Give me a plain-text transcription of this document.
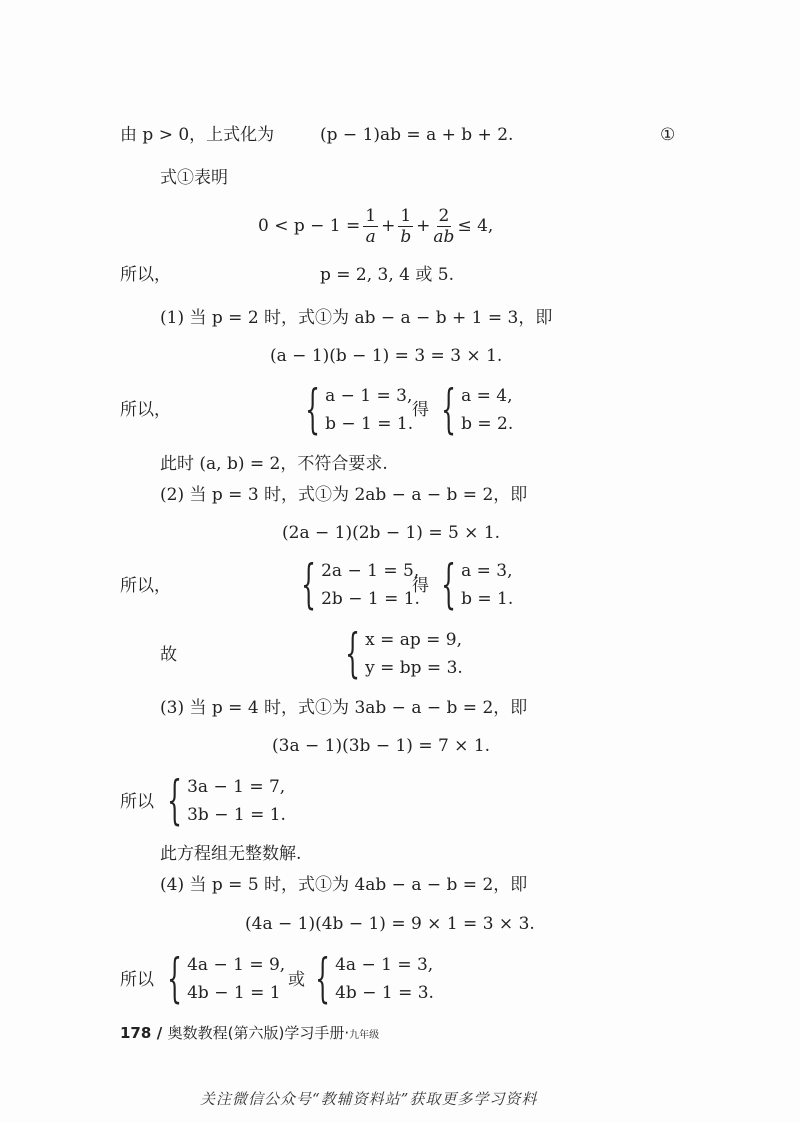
由 p > 0，上式化为	(p − 1)ab = a + b + 2.	①
式①表明
$0 < p - 1 = \frac{1}{a} + \frac{1}{b} + \frac{2}{ab} \le 4$,
所以，	p = 2, 3, 4 或 5.
(1) 当 p = 2 时，式①为 ab − a − b + 1 = 3，即
(a − 1)(b − 1) = 3 = 3 × 1.
所以，	{ a − 1 = 3,
b − 1 = 1.
得 { a = 4,
b = 2.
此时 (a, b) = 2，不符合要求.
(2) 当 p = 3 时，式①为 2ab − a − b = 2，即
(2a − 1)(2b − 1) = 5 × 1.
所以，	{ 2a − 1 = 5,
2b − 1 = 1.
得 { a = 3,
b = 1.
故	{ x = ap = 9,
y = bp = 3.
(3) 当 p = 4 时，式①为 3ab − a − b = 2，即
(3a − 1)(3b − 1) = 7 × 1.
所以 { 3a − 1 = 7,
3b − 1 = 1.
此方程组无整数解.
(4) 当 p = 5 时，式①为 4ab − a − b = 2，即
(4a − 1)(4b − 1) = 9 × 1 = 3 × 3.
所以 { 4a − 1 = 9,
4b − 1 = 1
或 { 4a − 1 = 3,
4b − 1 = 3.
178 / 奥数教程(第六版)学习手册·九年级
关注微信公众号“教辅资料站”获取更多学习资料
